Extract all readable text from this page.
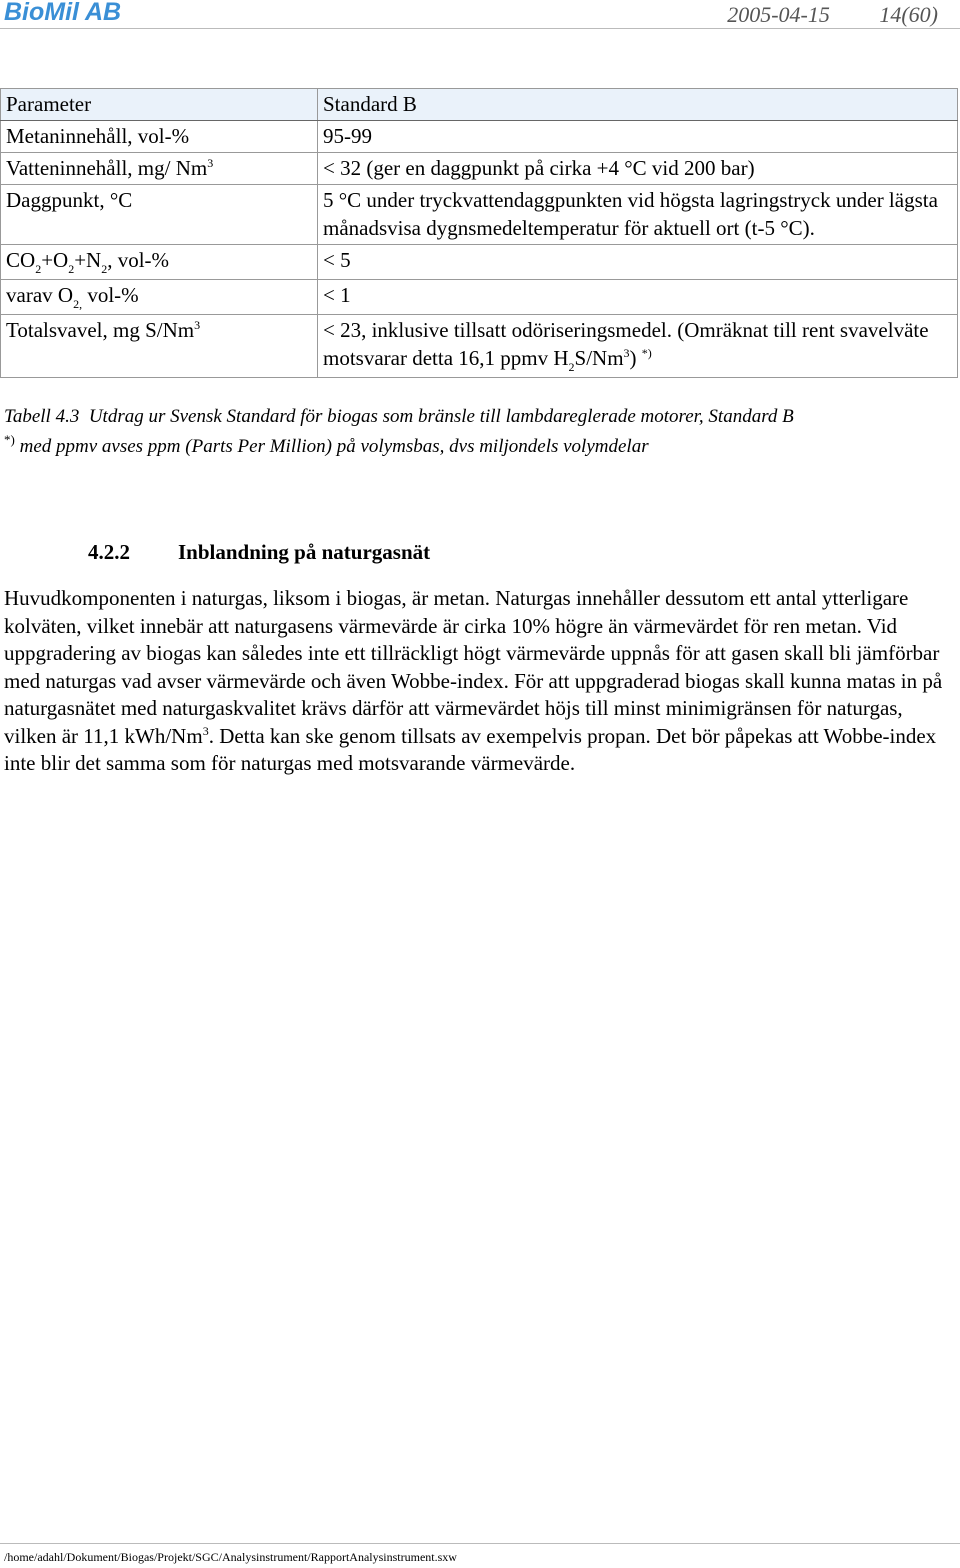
BioMil AB	2005-04-15 14(60)
Parameter	Standard B
Metaninnehåll, vol-%	95-99
Vatteninnehåll, mg/ $Nm^3$	< 32 (ger en daggpunkt på cirka +4 °C vid 200 bar)
Daggpunkt, °C	5 °C under tryckvattendaggpunkten vid högsta lagringstryck under lägsta månadsvisa dygnsmedeltemperatur för aktuell ort (t-5 °C).
$CO_2+O_2+N_2$, vol-%	< 5
varav $O_{2,}$ vol-%	< 1
Totalsvavel, mg $S/Nm^3$	< 23, inklusive tillsatt odöriseringsmedel. (Omräknat till rent svavelväte motsvarar detta 16,1 ppmv $H_2S/Nm^3$) *)
Tabell 4.3  Utdrag ur Svensk Standard för biogas som bränsle till lambdareglerade motorer, Standard B
*) med ppmv avses ppm (Parts Per Million) på volymsbas, dvs miljondels volymdelar
4.2.2 Inblandning på naturgasnät

Huvudkomponenten i naturgas, liksom i biogas, är metan. Naturgas innehåller dessutom ett antal ytterligare kolväten, vilket innebär att naturgasens värmevärde är cirka 10% högre än värmevärdet för ren metan. Vid uppgradering av biogas kan således inte ett tillräckligt högt värmevärde uppnås för att gasen skall bli jämförbar med naturgas vad avser värmevärde och även Wobbe-index. För att uppgraderad biogas skall kunna matas in på naturgasnätet med naturgaskvalitet krävs därför att värmevärdet höjs till minst minimigränsen för naturgas, vilken är 11,1 kWh/Nm$^3$. Detta kan ske genom tillsats av exempelvis propan. Det bör påpekas att Wobbe-index inte blir det samma som för naturgas med motsvarande värmevärde.

/home/adahl/Dokument/Biogas/Projekt/SGC/Analysinstrument/RapportAnalysinstrument.sxw
